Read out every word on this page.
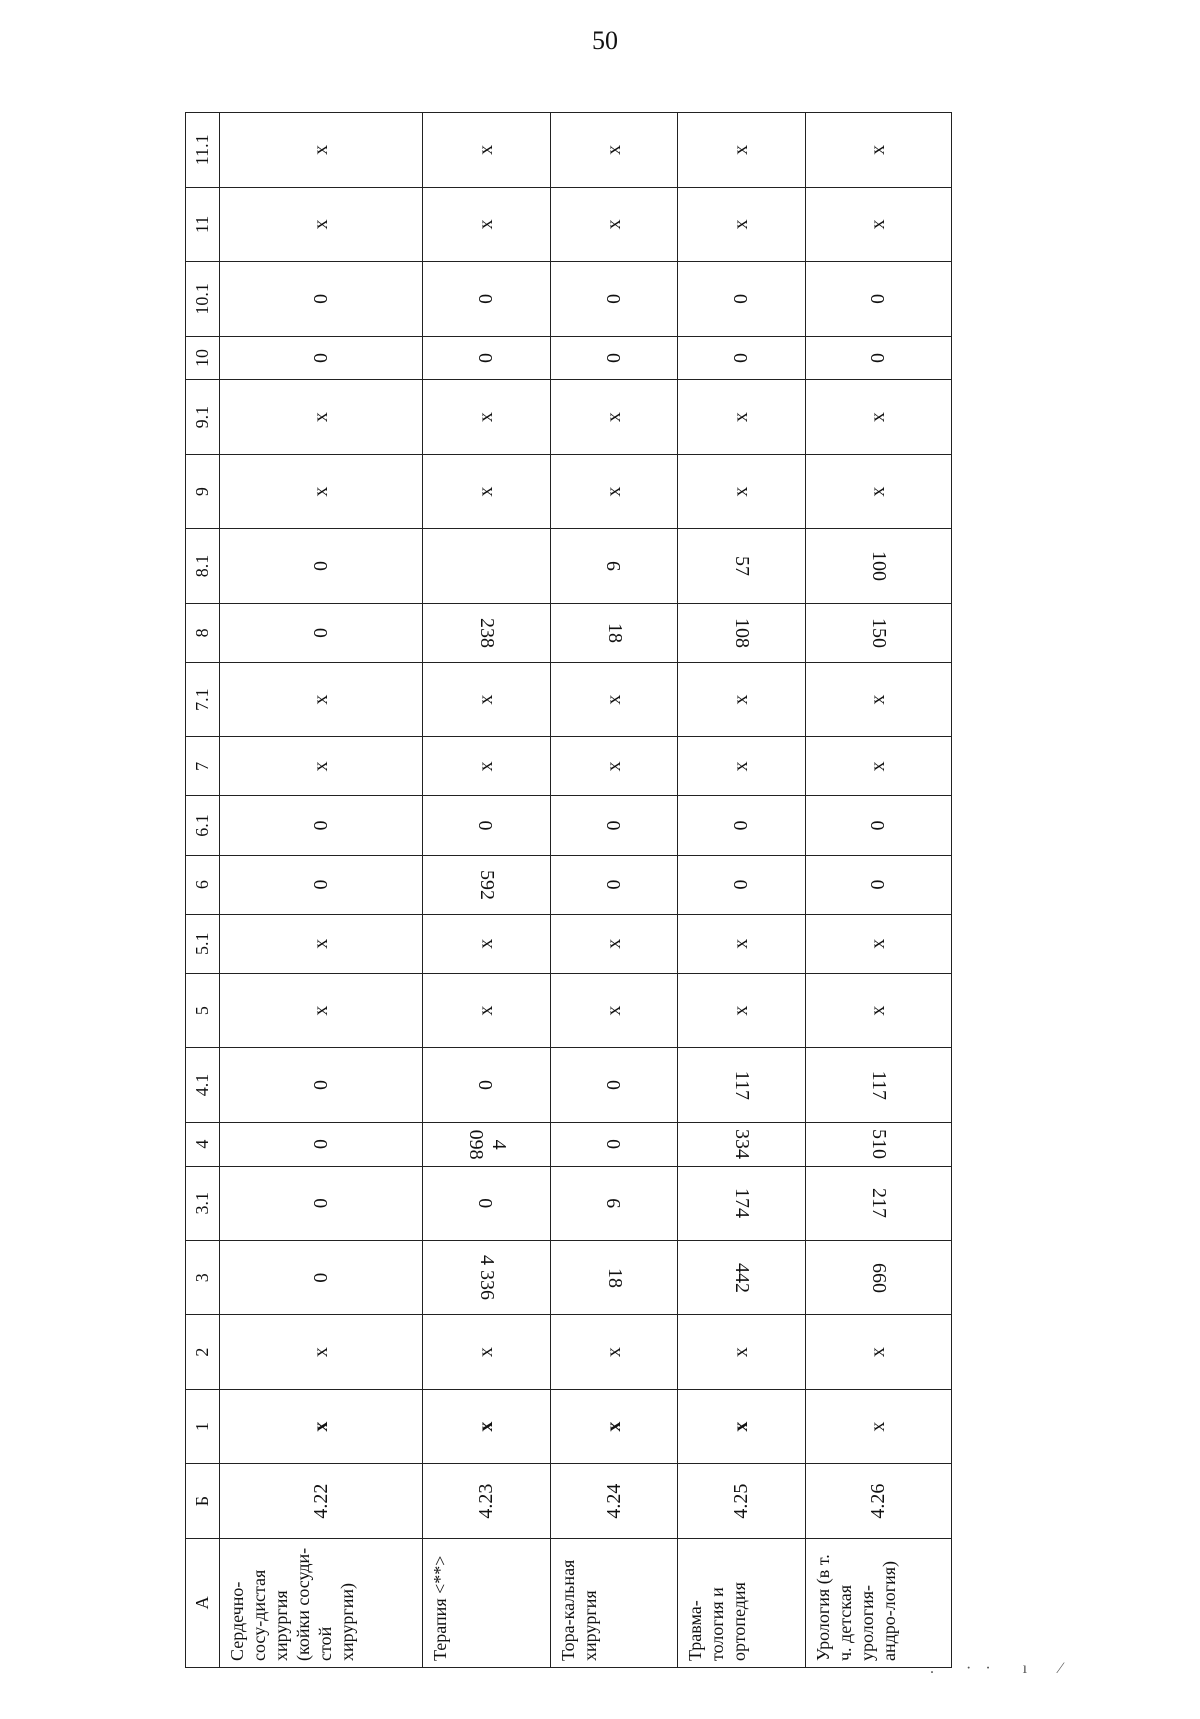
50
А	Б	1	2	3	3.1	4	4.1	5	5.1	6	6.1	7	7.1	8	8.1	9	9.1	10	10.1	11	11.1
Сердечно-сосу-дистая хирургия (койки сосуди-стой хирургии)	4.22	x	x	0	0	0	0	x	x	0	0	x	x	0	0	x	x	0	0	x	x
Терапия <**>	4.23	x	x	4 336	0	4 098	0	x	x	592	0	x	x	238		x	x	0	0	x	x
Тора-кальная хирургия	4.24	x	x	18	9	0	0	x	x	0	0	x	x	18	9	x	x	0	0	x	x
Травма-тология и ортопедия	4.25	x	x	442	174	334	117	x	x	0	0	x	x	108	57	x	x	0	0	x	x
Урология (в т. ч. детская урология-андро-логия)	4.26	x	x	660	217	510	117	x	x	0	0	x	x	150	100	x	x	0	0	x	x
. ·· ı ⁄
